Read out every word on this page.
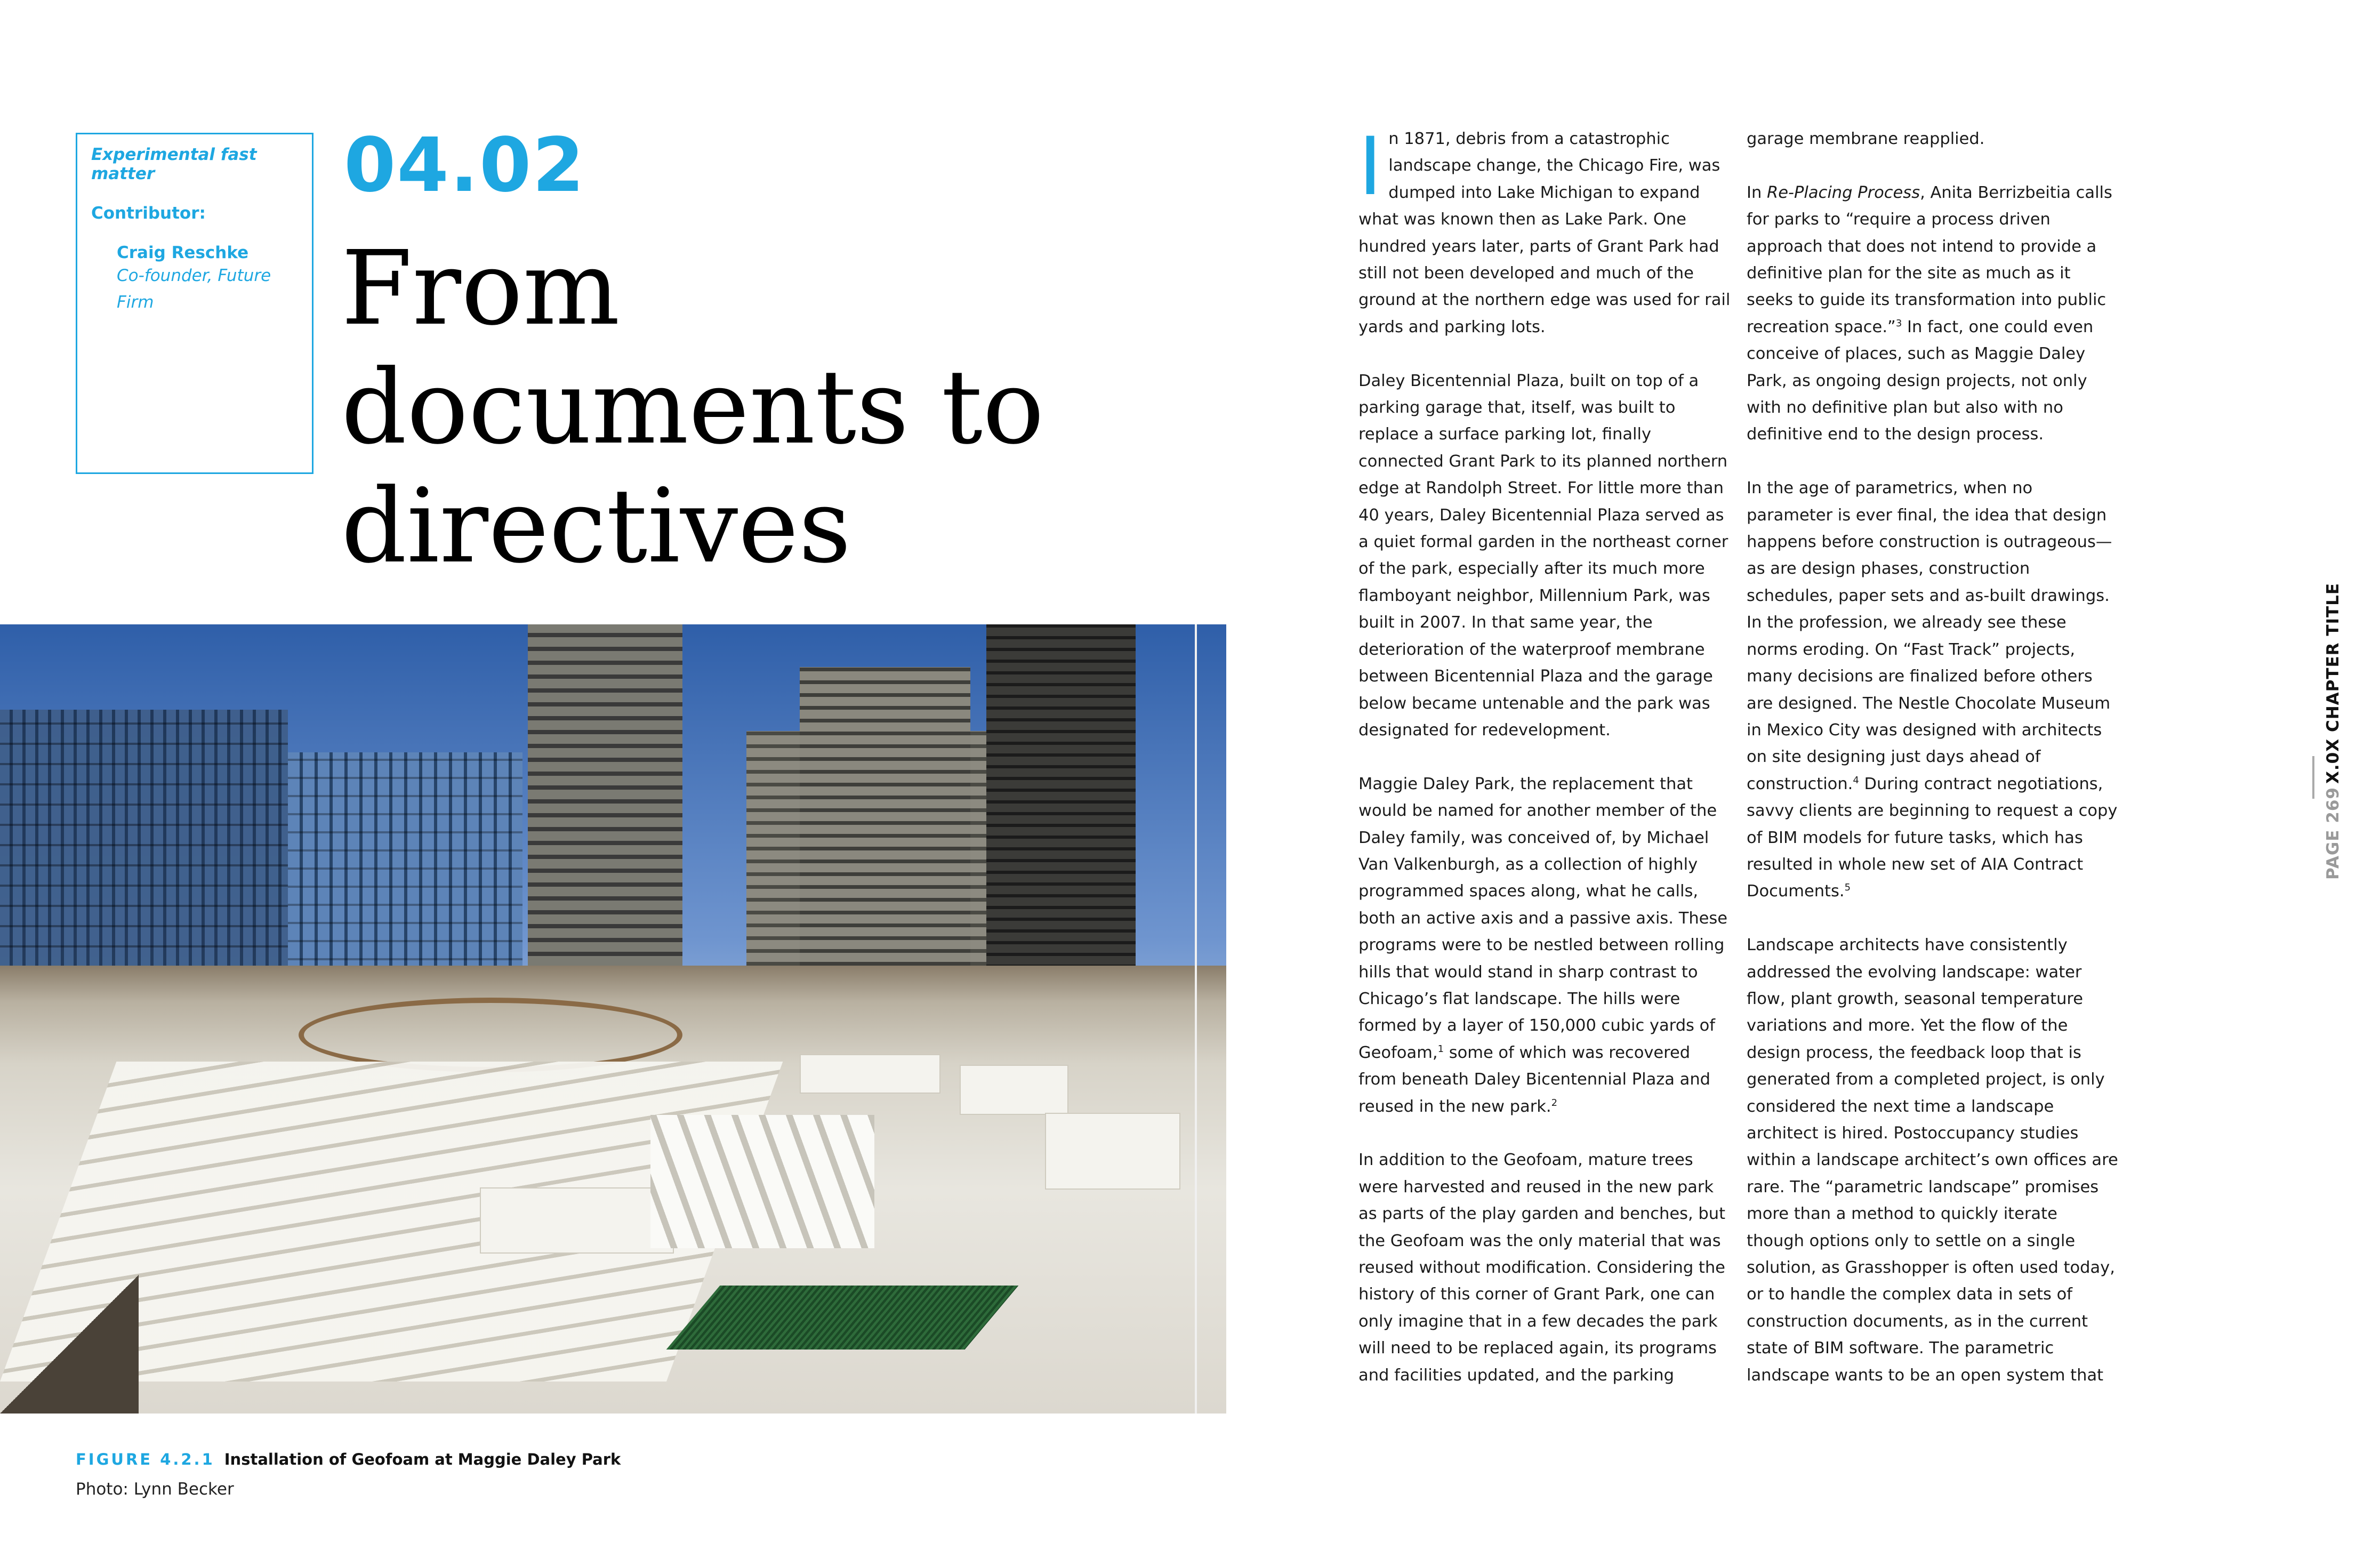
Experimental fast matter
Contributor:
Craig Reschke
Co-founder, Future Firm
04.02
From
documents to
directives
FIGURE 4.2.1 Installation of Geofoam at Maggie Daley Park
Photo: Lynn Becker

In 1871, debris from a catastrophic landscape change, the Chicago Fire, was dumped into Lake Michigan to expand what was known then as Lake Park. One hundred years later, parts of Grant Park had still not been developed and much of the ground at the northern edge was used for rail yards and parking lots.

Daley Bicentennial Plaza, built on top of a parking garage that, itself, was built to replace a surface parking lot, finally connected Grant Park to its planned northern edge at Randolph Street. For little more than 40 years, Daley Bicentennial Plaza served as a quiet formal garden in the northeast corner of the park, especially after its much more flamboyant neighbor, Millennium Park, was built in 2007. In that same year, the deterioration of the waterproof membrane between Bicentennial Plaza and the garage below became untenable and the park was designated for redevelopment.

Maggie Daley Park, the replacement that would be named for another member of the Daley family, was conceived of, by Michael Van Valkenburgh, as a collection of highly programmed spaces along, what he calls, both an active axis and a passive axis. These programs were to be nestled between rolling hills that would stand in sharp contrast to Chicago’s flat landscape. The hills were formed by a layer of 150,000 cubic yards of Geofoam,$^1$ some of which was recovered from beneath Daley Bicentennial Plaza and reused in the new park.$^2$

In addition to the Geofoam, mature trees were harvested and reused in the new park as parts of the play garden and benches, but the Geofoam was the only material that was reused without modification. Considering the history of this corner of Grant Park, one can only imagine that in a few decades the park will need to be replaced again, its programs and facilities updated, and the parking

garage membrane reapplied.

In Re-Placing Process, Anita Berrizbeitia calls for parks to “require a process driven approach that does not intend to provide a definitive plan for the site as much as it seeks to guide its transformation into public recreation space.”$^3$ In fact, one could even conceive of places, such as Maggie Daley Park, as ongoing design projects, not only with no definitive plan but also with no definitive end to the design process.

In the age of parametrics, when no parameter is ever final, the idea that design happens before construction is outrageous—as are design phases, construction schedules, paper sets and as-built drawings. In the profession, we already see these norms eroding. On “Fast Track” projects, many decisions are finalized before others are designed. The Nestle Chocolate Museum in Mexico City was designed with architects on site designing just days ahead of construction.$^4$ During contract negotiations, savvy clients are beginning to request a copy of BIM models for future tasks, which has resulted in whole new set of AIA Contract Documents.$^5$

Landscape architects have consistently addressed the evolving landscape: water flow, plant growth, seasonal temperature variations and more. Yet the flow of the design process, the feedback loop that is generated from a completed project, is only considered the next time a landscape architect is hired. Postoccupancy studies within a landscape architect’s own offices are rare. The “parametric landscape” promises more than a method to quickly iterate though options only to settle on a single solution, as Grasshopper is often used today, or to handle the complex data in sets of construction documents, as in the current state of BIM software. The parametric landscape wants to be an open system that

X.0X CHAPTER TITLE
PAGE 269
